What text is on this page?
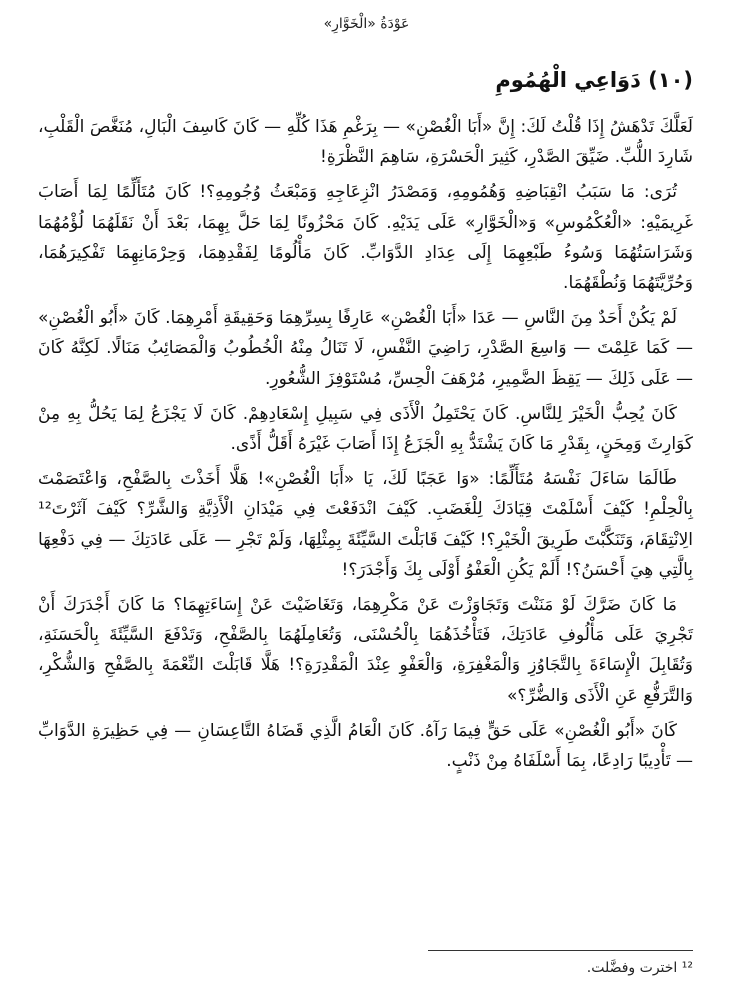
عَوْدَةُ «الْخَوَّارِ»
(١٠) دَوَاعِي الْهُمُومِ

لَعَلَّكَ تَدْهَشُ إِذَا قُلْتُ لَكَ: إِنَّ «أَبَا الْغُصْنِ» — بِرَغْمِ هَذَا كُلِّهِ — كَانَ كَاسِفَ الْبَالِ، مُنَغَّصَ الْقَلْبِ، شَارِدَ اللُّبِّ. ضَيِّقَ الصَّدْرِ، كَثِيرَ الْحَسْرَةِ، سَاهِمَ النَّظْرَةِ!

تُرَى: مَا سَبَبُ انْقِبَاضِهِ وَهُمُومِهِ، وَمَصْدَرُ انْزِعَاجِهِ وَمَبْعَثُ وُجُومِهِ؟! كَانَ مُتَأَلِّمًا لِمَا أَصَابَ غَرِيمَيْهِ: «الْعُكْمُوسِ» وَ«الْخَوَّارِ» عَلَى يَدَيْهِ. كَانَ مَحْزُونًا لِمَا حَلَّ بِهِمَا، بَعْدَ أَنْ نَقَلَهُمَا لُؤْمُهُمَا وَشَرَاسَتُهُمَا وَسُوءُ طَبْعِهِمَا إِلَى عِدَادِ الدَّوَابِّ. كَانَ مَأْلُومًا لِفَقْدِهِمَا، وَحِرْمَانِهِمَا تَفْكِيرَهُمَا، وَحُرِّيَّتَهُمَا وَنُطْقَهُمَا.

لَمْ يَكُنْ أَحَدٌ مِنَ النَّاسِ — عَدَا «أَبَا الْغُصْنِ» عَارِفًا بِسِرِّهِمَا وَحَقِيقَةِ أَمْرِهِمَا. كَانَ «أَبُو الْغُصْنِ» — كَمَا عَلِمْتَ — وَاسِعَ الصَّدْرِ، رَاضِيَ النَّفْسِ، لَا تَنَالُ مِنْهُ الْخُطُوبُ وَالْمَصَائِبُ مَنَالًا. لَكِنَّهُ كَانَ — عَلَى ذَلِكَ — يَقِظَ الضَّمِيرِ، مُرْهَفَ الْحِسِّ، مُسْتَوْفِزَ الشُّعُورِ.

كَانَ يُحِبُّ الْخَيْرَ لِلنَّاسِ. كَانَ يَحْتَمِلُ الْأَذَى فِي سَبِيلِ إِسْعَادِهِمْ. كَانَ لَا يَجْزَعُ لِمَا يَحُلُّ بِهِ مِنْ كَوَارِثَ وَمِحَنٍ، بِقَدْرِ مَا كَانَ يَشْتَدُّ بِهِ الْجَزَعُ إِذَا أَصَابَ غَيْرَهُ أَقَلُّ أَذًى.

طَالَمَا سَاءَلَ نَفْسَهُ مُتَأَلِّمًا: «وَا عَجَبًا لَكَ، يَا «أَبَا الْغُصْنِ»! هَلَّا أَخَذْتَ بِالصَّفْحِ، وَاعْتَصَمْتَ بِالْحِلْمِ! كَيْفَ أَسْلَمْتَ قِيَادَكَ لِلْغَضَبِ. كَيْفَ انْدَفَعْتَ فِي مَيْدَانِ الْأَذِيَّةِ وَالشَّرِّ؟ كَيْفَ آثَرْتَ¹² الِانْتِقَامَ، وَتَنَكَّبْتَ طَرِيقَ الْخَيْرِ؟! كَيْفَ قَابَلْتَ السَّيِّئَةَ بِمِثْلِهَا، وَلَمْ تَجْرِ — عَلَى عَادَتِكَ — فِي دَفْعِهَا بِالَّتِي هِيَ أَحْسَنُ؟! أَلَمْ يَكُنِ الْعَفْوُ أَوْلَى بِكَ وَأَجْدَرَ؟!

مَا كَانَ ضَرَّكَ لَوْ مَنَنْتَ وَتَجَاوَزْتَ عَنْ مَكْرِهِمَا، وَتَغَاضَيْتَ عَنْ إِسَاءَتِهِمَا؟ مَا كَانَ أَجْدَرَكَ أَنْ تَجْرِيَ عَلَى مَأْلُوفِ عَادَتِكَ، فَتَأْخُذَهُمَا بِالْحُسْنَى، وَتُعَامِلَهُمَا بِالصَّفْحِ، وَتَدْفَعَ السَّيِّئَةَ بِالْحَسَنَةِ، وَتُقَابِلَ الْإِسَاءَةَ بِالتَّجَاوُزِ وَالْمَغْفِرَةِ، وَالْعَفْوِ عِنْدَ الْمَقْدِرَةِ؟! هَلَّا قَابَلْتَ النِّعْمَةَ بِالصَّفْحِ وَالشُّكْرِ، وَالتَّرَفُّعِ عَنِ الْأَذَى وَالضُّرِّ؟»

كَانَ «أَبُو الْغُصْنِ» عَلَى حَقٍّ فِيمَا رَآهُ. كَانَ الْعَامُ الَّذِي قَضَاهُ التَّاعِسَانِ — فِي حَظِيرَةِ الدَّوَابِّ — تَأْدِيبًا رَادِعًا، بِمَا أَسْلَفَاهُ مِنْ ذَنْبٍ.

¹² اخترت وفضَّلت.
